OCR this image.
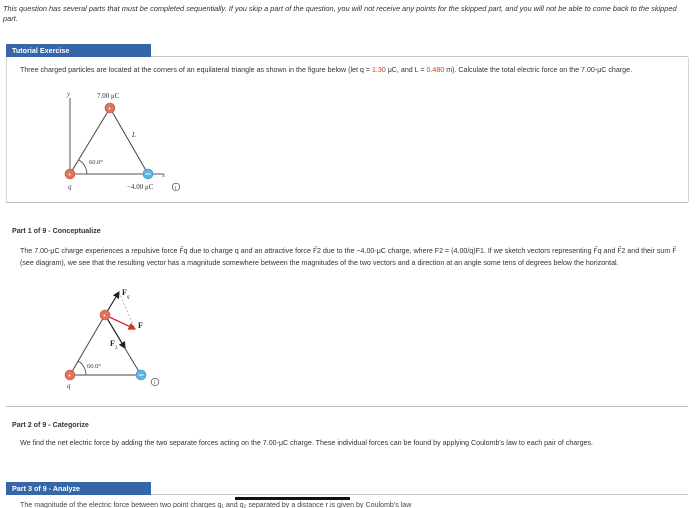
This question has several parts that must be completed sequentially. If you skip a part of the question, you will not receive any points for the skipped part, and you will not be able to come back to the skipped part.
Tutorial Exercise
Three charged particles are located at the corners of an equilateral triangle as shown in the figure below (let q = 1.30 μC, and L = 0.480 m). Calculate the total electric force on the 7.00-μC charge.
y
x
60.0°
L
7.00 μC
+
+
q	−4.00 μC	i
Part 1 of 9 - Conceptualize
The 7.00-μC charge experiences a repulsive force F⃗q due to charge q and an attractive force F⃗2 due to the −4.00-μC charge, where F2 = (4.00/q)F1. If we sketch vectors representing F⃗q and F⃗2 and their sum F⃗ (see diagram), we see that the resulting vector has a magnitude somewhere between the magnitudes of the two vectors and a direction at an angle some tens of degrees below the horizontal.
60.0°
F
q
F
2
F
+
+
q	i
Part 2 of 9 - Categorize
We find the net electric force by adding the two separate forces acting on the 7.00-μC charge. These individual forces can be found by applying Coulomb's law to each pair of charges.
Part 3 of 9 - Analyze
The magnitude of the electric force between two point charges q₁ and q₂ separated by a distance r is given by Coulomb's law
